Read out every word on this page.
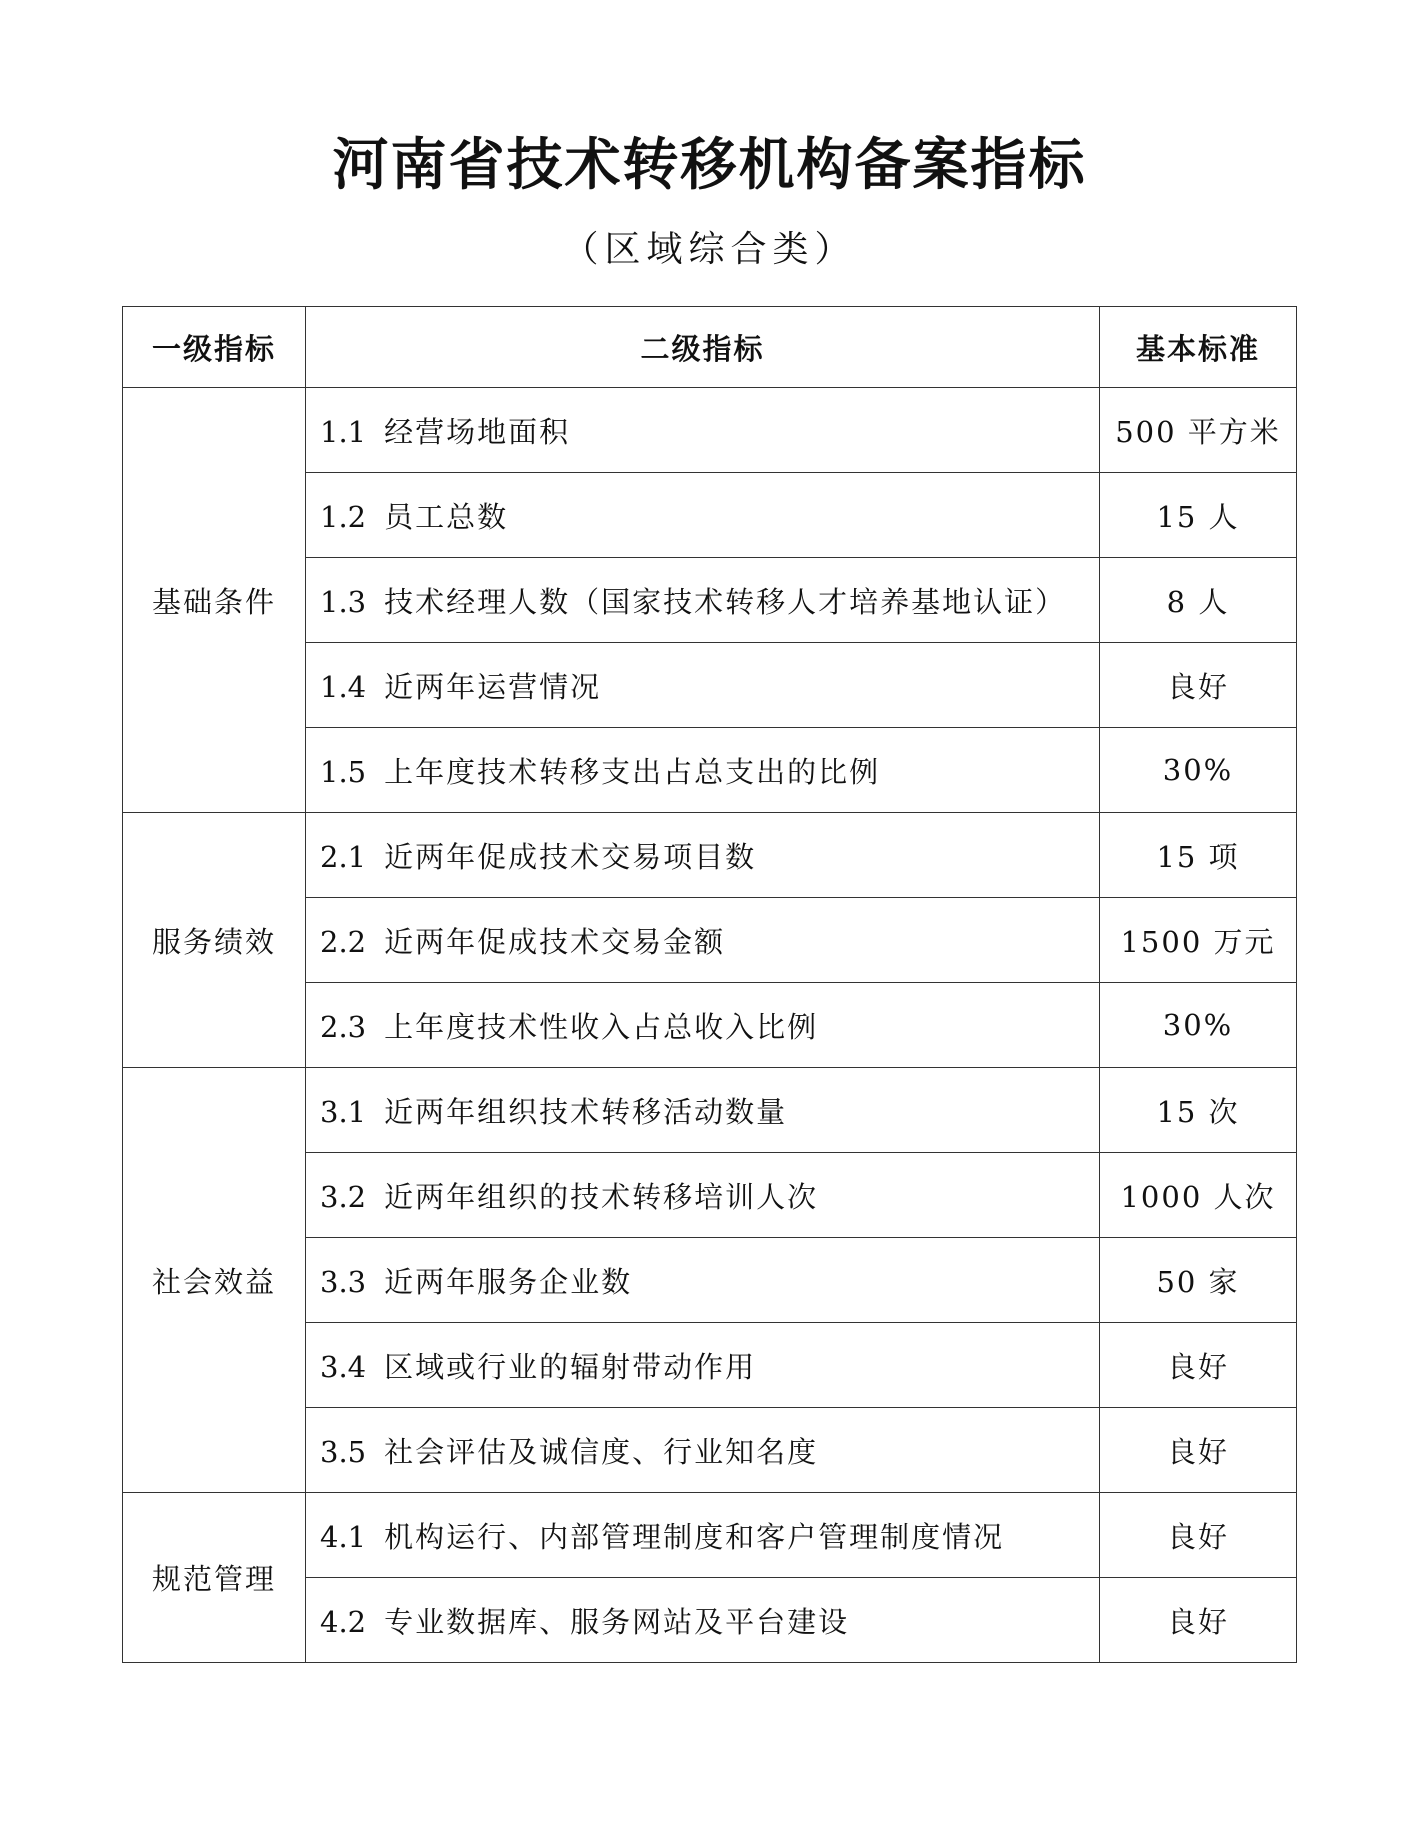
河南省技术转移机构备案指标
（区域综合类）
一级指标	二级指标	基本标准
基础条件	1.1 经营场地面积	500 平方米
	1.2 员工总数	15 人
	1.3 技术经理人数（国家技术转移人才培养基地认证）	8 人
	1.4 近两年运营情况	良好
	1.5 上年度技术转移支出占总支出的比例	30%
服务绩效	2.1 近两年促成技术交易项目数	15 项
	2.2 近两年促成技术交易金额	1500 万元
	2.3 上年度技术性收入占总收入比例	30%
社会效益	3.1 近两年组织技术转移活动数量	15 次
	3.2 近两年组织的技术转移培训人次	1000 人次
	3.3 近两年服务企业数	50 家
	3.4 区域或行业的辐射带动作用	良好
	3.5 社会评估及诚信度、行业知名度	良好
规范管理	4.1 机构运行、内部管理制度和客户管理制度情况	良好
	4.2 专业数据库、服务网站及平台建设	良好
